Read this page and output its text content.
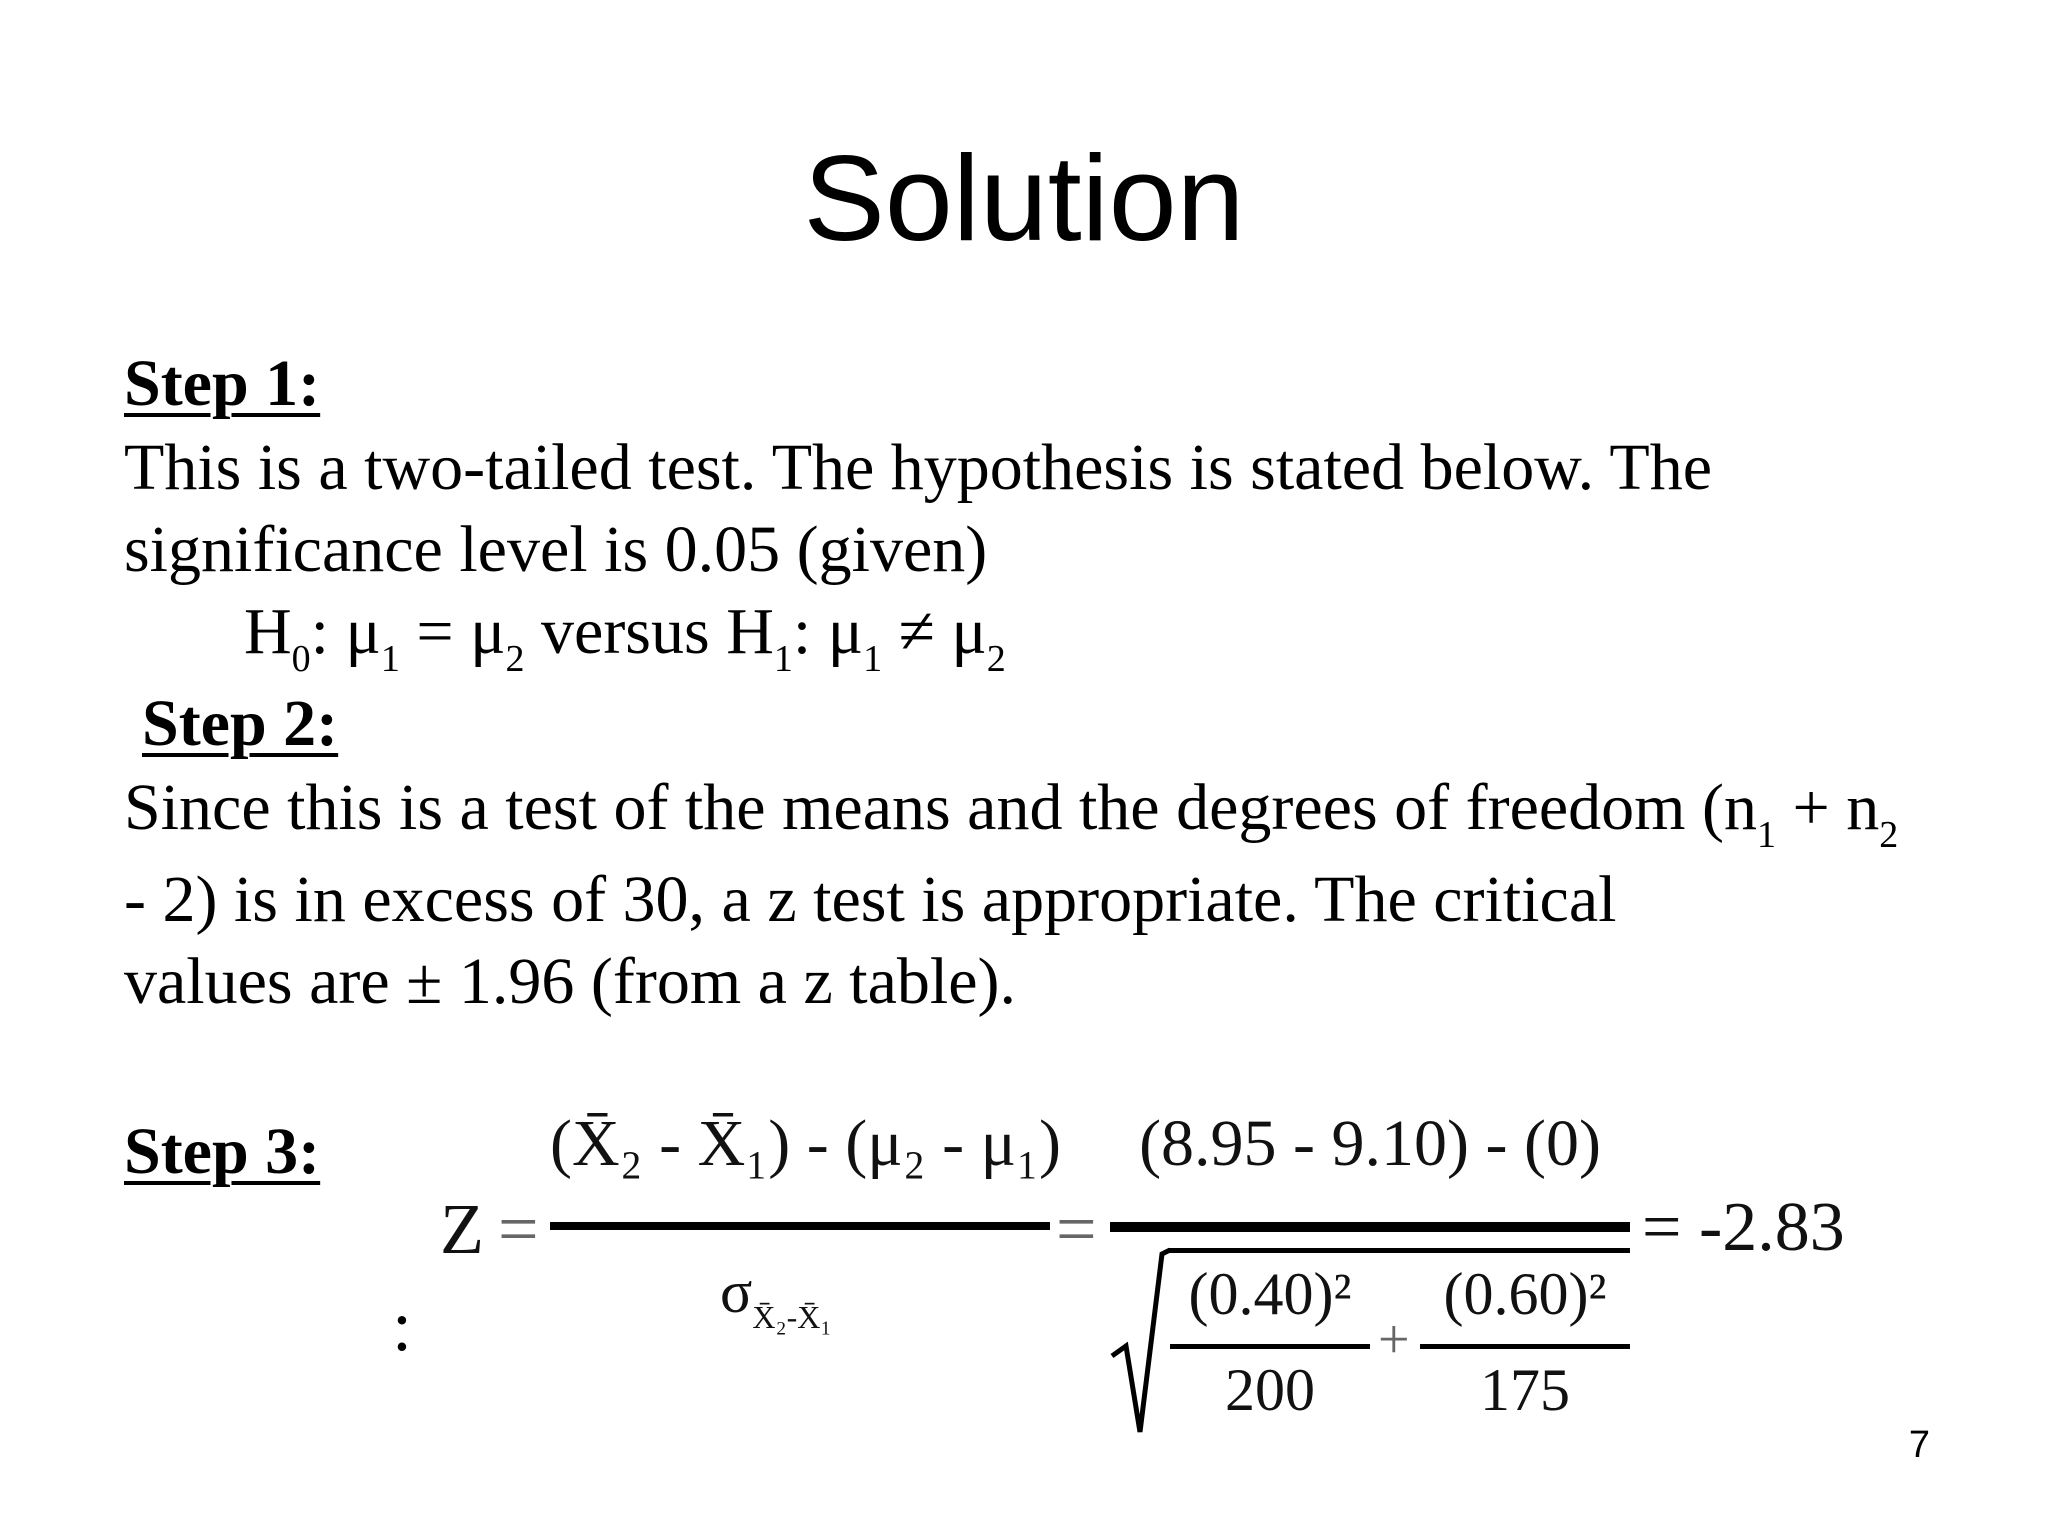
Solution
Step 1:
This is a two-tailed test. The hypothesis is stated below. The
significance level is 0.05 (given)
$H_0$: $\mu_1 = \mu_2$ versus $H_1$: $\mu_1 \ne \mu_2$
Step 2:
Since this is a test of the means and the degrees of freedom ($n_1 + n_2$
- 2) is in excess of 30, a z test is appropriate. The critical
values are ± 1.96 (from a z table).
Step 3:
:
Z =
(X̄₂ - X̄₁) - (μ₂ - μ₁)
$\sigma_{X̄_2-X̄_1}$
=
(8.95 - 9.10) - (0)
(0.40)²
200
+
(0.60)²
175
= -2.83
7
